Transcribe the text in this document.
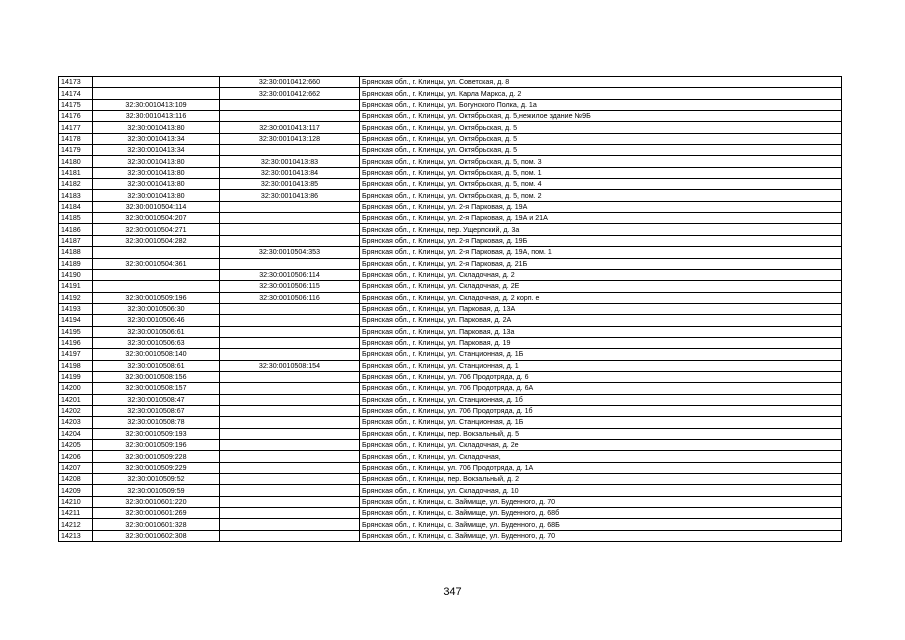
14173		32:30:0010412:660	Брянская обл., г. Клинцы, ул. Советская, д. 8
14174		32:30:0010412:662	Брянская обл., г. Клинцы, ул. Карла Маркса, д. 2
14175	32:30:0010413:109		Брянская обл., г. Клинцы, ул. Богунского Полка, д. 1а
14176	32:30:0010413:116		Брянская обл., г. Клинцы, ул. Октябрьская, д. 5,нежилое здание №9Б
14177	32:30:0010413:80	32:30:0010413:117	Брянская обл., г. Клинцы, ул. Октябрьская, д. 5
14178	32:30:0010413:34	32:30:0010413:128	Брянская обл., г. Клинцы, ул. Октябрьская, д. 5
14179	32:30:0010413:34		Брянская обл., г. Клинцы, ул. Октябрьская, д. 5
14180	32:30:0010413:80	32:30:0010413:83	Брянская обл., г. Клинцы, ул. Октябрьская, д. 5, пом. 3
14181	32:30:0010413:80	32:30:0010413:84	Брянская обл., г. Клинцы, ул. Октябрьская, д. 5, пом. 1
14182	32:30:0010413:80	32:30:0010413:85	Брянская обл., г. Клинцы, ул. Октябрьская, д. 5, пом. 4
14183	32:30:0010413:80	32:30:0010413:86	Брянская обл., г. Клинцы, ул. Октябрьская, д. 5, пом. 2
14184	32:30:0010504:114		Брянская обл., г. Клинцы, ул. 2-я Парковая, д. 19А
14185	32:30:0010504:207		Брянская обл., г. Клинцы, ул. 2-я Парковая, д. 19А и 21А
14186	32:30:0010504:271		Брянская обл., г. Клинцы, пер. Ущерпский, д. 3а
14187	32:30:0010504:282		Брянская обл., г. Клинцы, ул. 2-я Парковая, д. 19Б
14188		32:30:0010504:353	Брянская обл., г. Клинцы, ул. 2-я Парковая, д. 19А, пом. 1
14189	32:30:0010504:361		Брянская обл., г. Клинцы, ул. 2-я Парковая, д. 21Б
14190		32:30:0010506:114	Брянская обл., г. Клинцы, ул. Складочная, д. 2
14191		32:30:0010506:115	Брянская обл., г. Клинцы, ул. Складочная, д. 2Е
14192	32:30:0010509:196	32:30:0010506:116	Брянская обл., г. Клинцы, ул. Складочная, д. 2 корп. е
14193	32:30:0010506:30		Брянская обл., г. Клинцы, ул. Парковая, д. 13А
14194	32:30:0010506:46		Брянская обл., г. Клинцы, ул. Парковая, д. 2А
14195	32:30:0010506:61		Брянская обл., г. Клинцы, ул. Парковая, д. 13а
14196	32:30:0010506:63		Брянская обл., г. Клинцы, ул. Парковая, д. 19
14197	32:30:0010508:140		Брянская обл., г. Клинцы, ул. Станционная, д. 1Б
14198	32:30:0010508:61	32:30:0010508:154	Брянская обл., г. Клинцы, ул. Станционная, д. 1
14199	32:30:0010508:156		Брянская обл., г. Клинцы, ул. 706 Продотряда, д. 6
14200	32:30:0010508:157		Брянская обл., г. Клинцы, ул. 706 Продотряда, д. 6А
14201	32:30:0010508:47		Брянская обл., г. Клинцы, ул. Станционная, д. 1б
14202	32:30:0010508:67		Брянская обл., г. Клинцы, ул. 706 Продотряда, д. 1б
14203	32:30:0010508:78		Брянская обл., г. Клинцы, ул. Станционная, д. 1Б
14204	32:30:0010509:193		Брянская обл., г. Клинцы, пер. Вокзальный, д. 5
14205	32:30:0010509:196		Брянская обл., г. Клинцы, ул. Складочная, д. 2е
14206	32:30:0010509:228		Брянская обл., г. Клинцы, ул. Складочная,
14207	32:30:0010509:229		Брянская обл., г. Клинцы, ул. 706 Продотряда, д. 1А
14208	32:30:0010509:52		Брянская обл., г. Клинцы, пер. Вокзальный, д. 2
14209	32:30:0010509:59		Брянская обл., г. Клинцы, ул. Складочная, д. 10
14210	32:30:0010601:220		Брянская обл., г. Клинцы, с. Займище, ул. Буденного, д. 70
14211	32:30:0010601:269		Брянская обл., г. Клинцы, с. Займище, ул. Буденного, д. 68б
14212	32:30:0010601:328		Брянская обл., г. Клинцы, с. Займище, ул. Буденного, д. 68Б
14213	32:30:0010602:308		Брянская обл., г. Клинцы, с. Займище, ул. Буденного, д. 70
347
